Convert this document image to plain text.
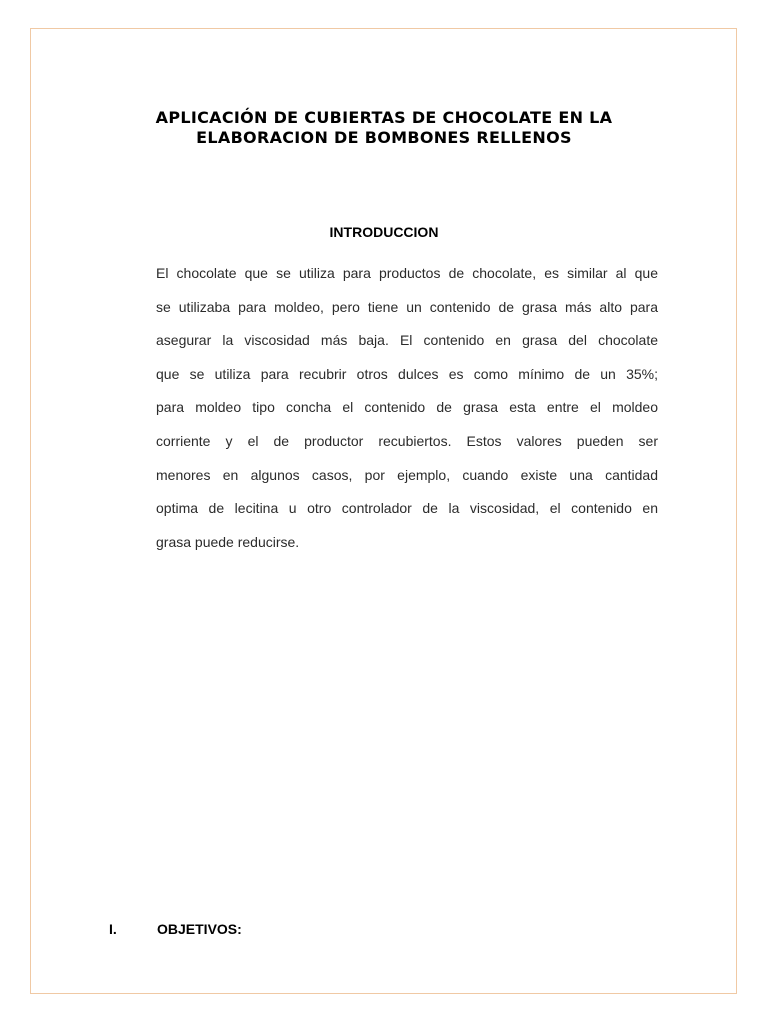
APLICACIÓN DE CUBIERTAS DE CHOCOLATE EN LA
ELABORACION DE BOMBONES RELLENOS
INTRODUCCION
El chocolate que se utiliza para productos de chocolate, es similar al que
se utilizaba para moldeo, pero tiene un contenido de grasa más alto para
asegurar la viscosidad más baja. El contenido en grasa del chocolate
que se utiliza para recubrir otros dulces es como mínimo de un 35%;
para moldeo tipo concha el contenido de grasa esta entre el moldeo
corriente y el de productor recubiertos. Estos valores pueden ser
menores en algunos casos, por ejemplo, cuando existe una cantidad
optima de lecitina u otro controlador de la viscosidad, el contenido en
grasa puede reducirse.
I.	OBJETIVOS:
